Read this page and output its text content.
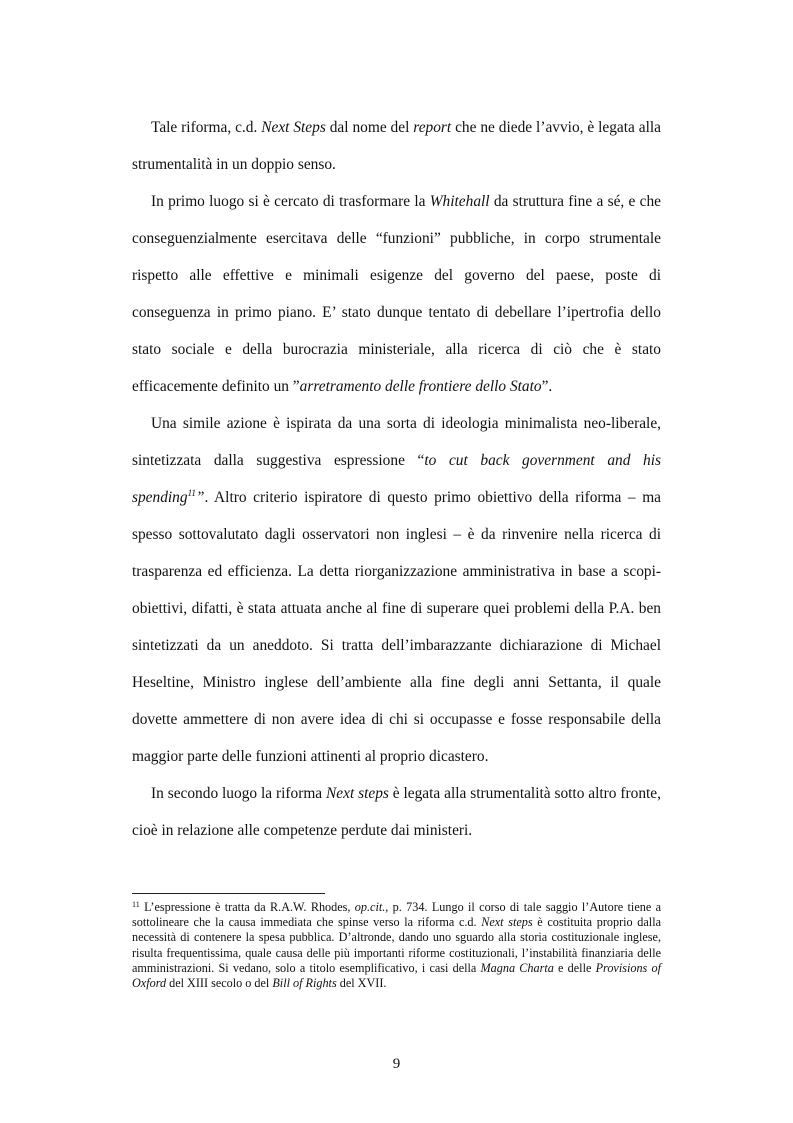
Tale riforma, c.d. Next Steps dal nome del report che ne diede l’avvio, è legata alla strumentalità in un doppio senso.

In primo luogo si è cercato di trasformare la Whitehall da struttura fine a sé, e che conseguenzialmente esercitava delle “funzioni” pubbliche, in corpo strumentale rispetto alle effettive e minimali esigenze del governo del paese, poste di conseguenza in primo piano. E’ stato dunque tentato di debellare l’ipertrofia dello stato sociale e della burocrazia ministeriale, alla ricerca di ciò che è stato efficacemente definito un ”arretramento delle frontiere dello Stato”.

Una simile azione è ispirata da una sorta di ideologia minimalista neo-liberale, sintetizzata dalla suggestiva espressione “to cut back government and his spending$^{11}$”. Altro criterio ispiratore di questo primo obiettivo della riforma – ma spesso sottovalutato dagli osservatori non inglesi – è da rinvenire nella ricerca di trasparenza ed efficienza. La detta riorganizzazione amministrativa in base a scopi-obiettivi, difatti, è stata attuata anche al fine di superare quei problemi della P.A. ben sintetizzati da un aneddoto. Si tratta dell’imbarazzante dichiarazione di Michael Heseltine, Ministro inglese dell’ambiente alla fine degli anni Settanta, il quale dovette ammettere di non avere idea di chi si occupasse e fosse responsabile della maggior parte delle funzioni attinenti al proprio dicastero.

In secondo luogo la riforma Next steps è legata alla strumentalità sotto altro fronte, cioè in relazione alle competenze perdute dai ministeri.

$^{11}$ L’espressione è tratta da R.A.W. Rhodes, op.cit., p. 734. Lungo il corso di tale saggio l’Autore tiene a sottolineare che la causa immediata che spinse verso la riforma c.d. Next steps è costituita proprio dalla necessità di contenere la spesa pubblica. D’altronde, dando uno sguardo alla storia costituzionale inglese, risulta frequentissima, quale causa delle più importanti riforme costituzionali, l’instabilità finanziaria delle amministrazioni. Si vedano, solo a titolo esemplificativo, i casi della Magna Charta e delle Provisions of Oxford del XIII secolo o del Bill of Rights del XVII.

9
